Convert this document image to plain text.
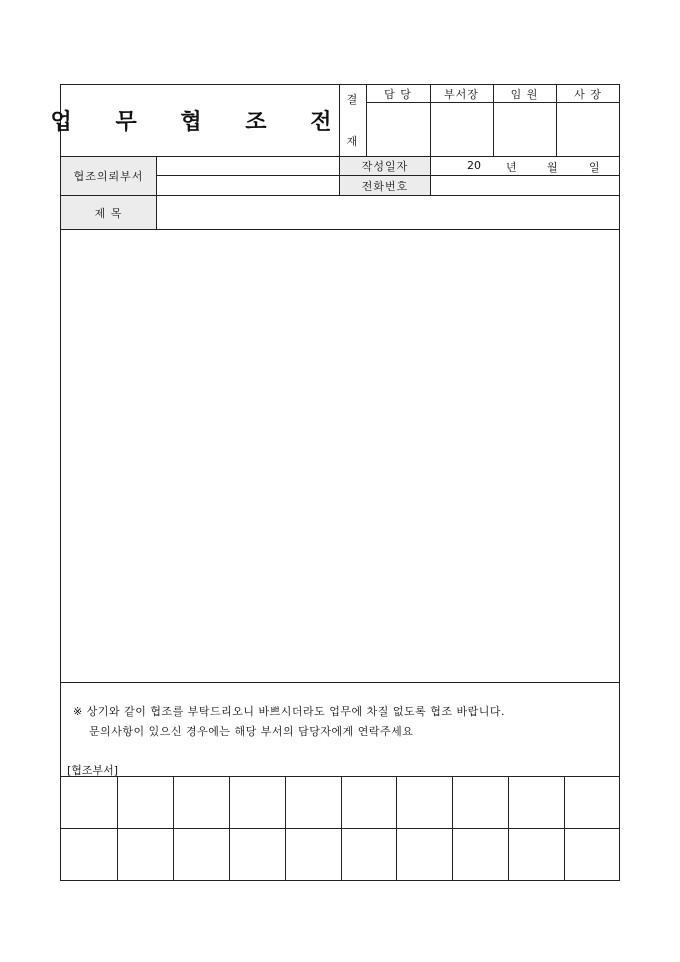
업 무 협 조 전
결
재
담 당	부서장	임 원	사 장
협조의뢰부서
작성일자	20 년	월	일
전화번호
제 목
※ 상기와 같이 협조를 부탁드리오니 바쁘시더라도 업무에 차질 없도록 협조 바랍니다.
문의사항이 있으신 경우에는 해당 부서의 담당자에게 연락주세요
[협조부서]
